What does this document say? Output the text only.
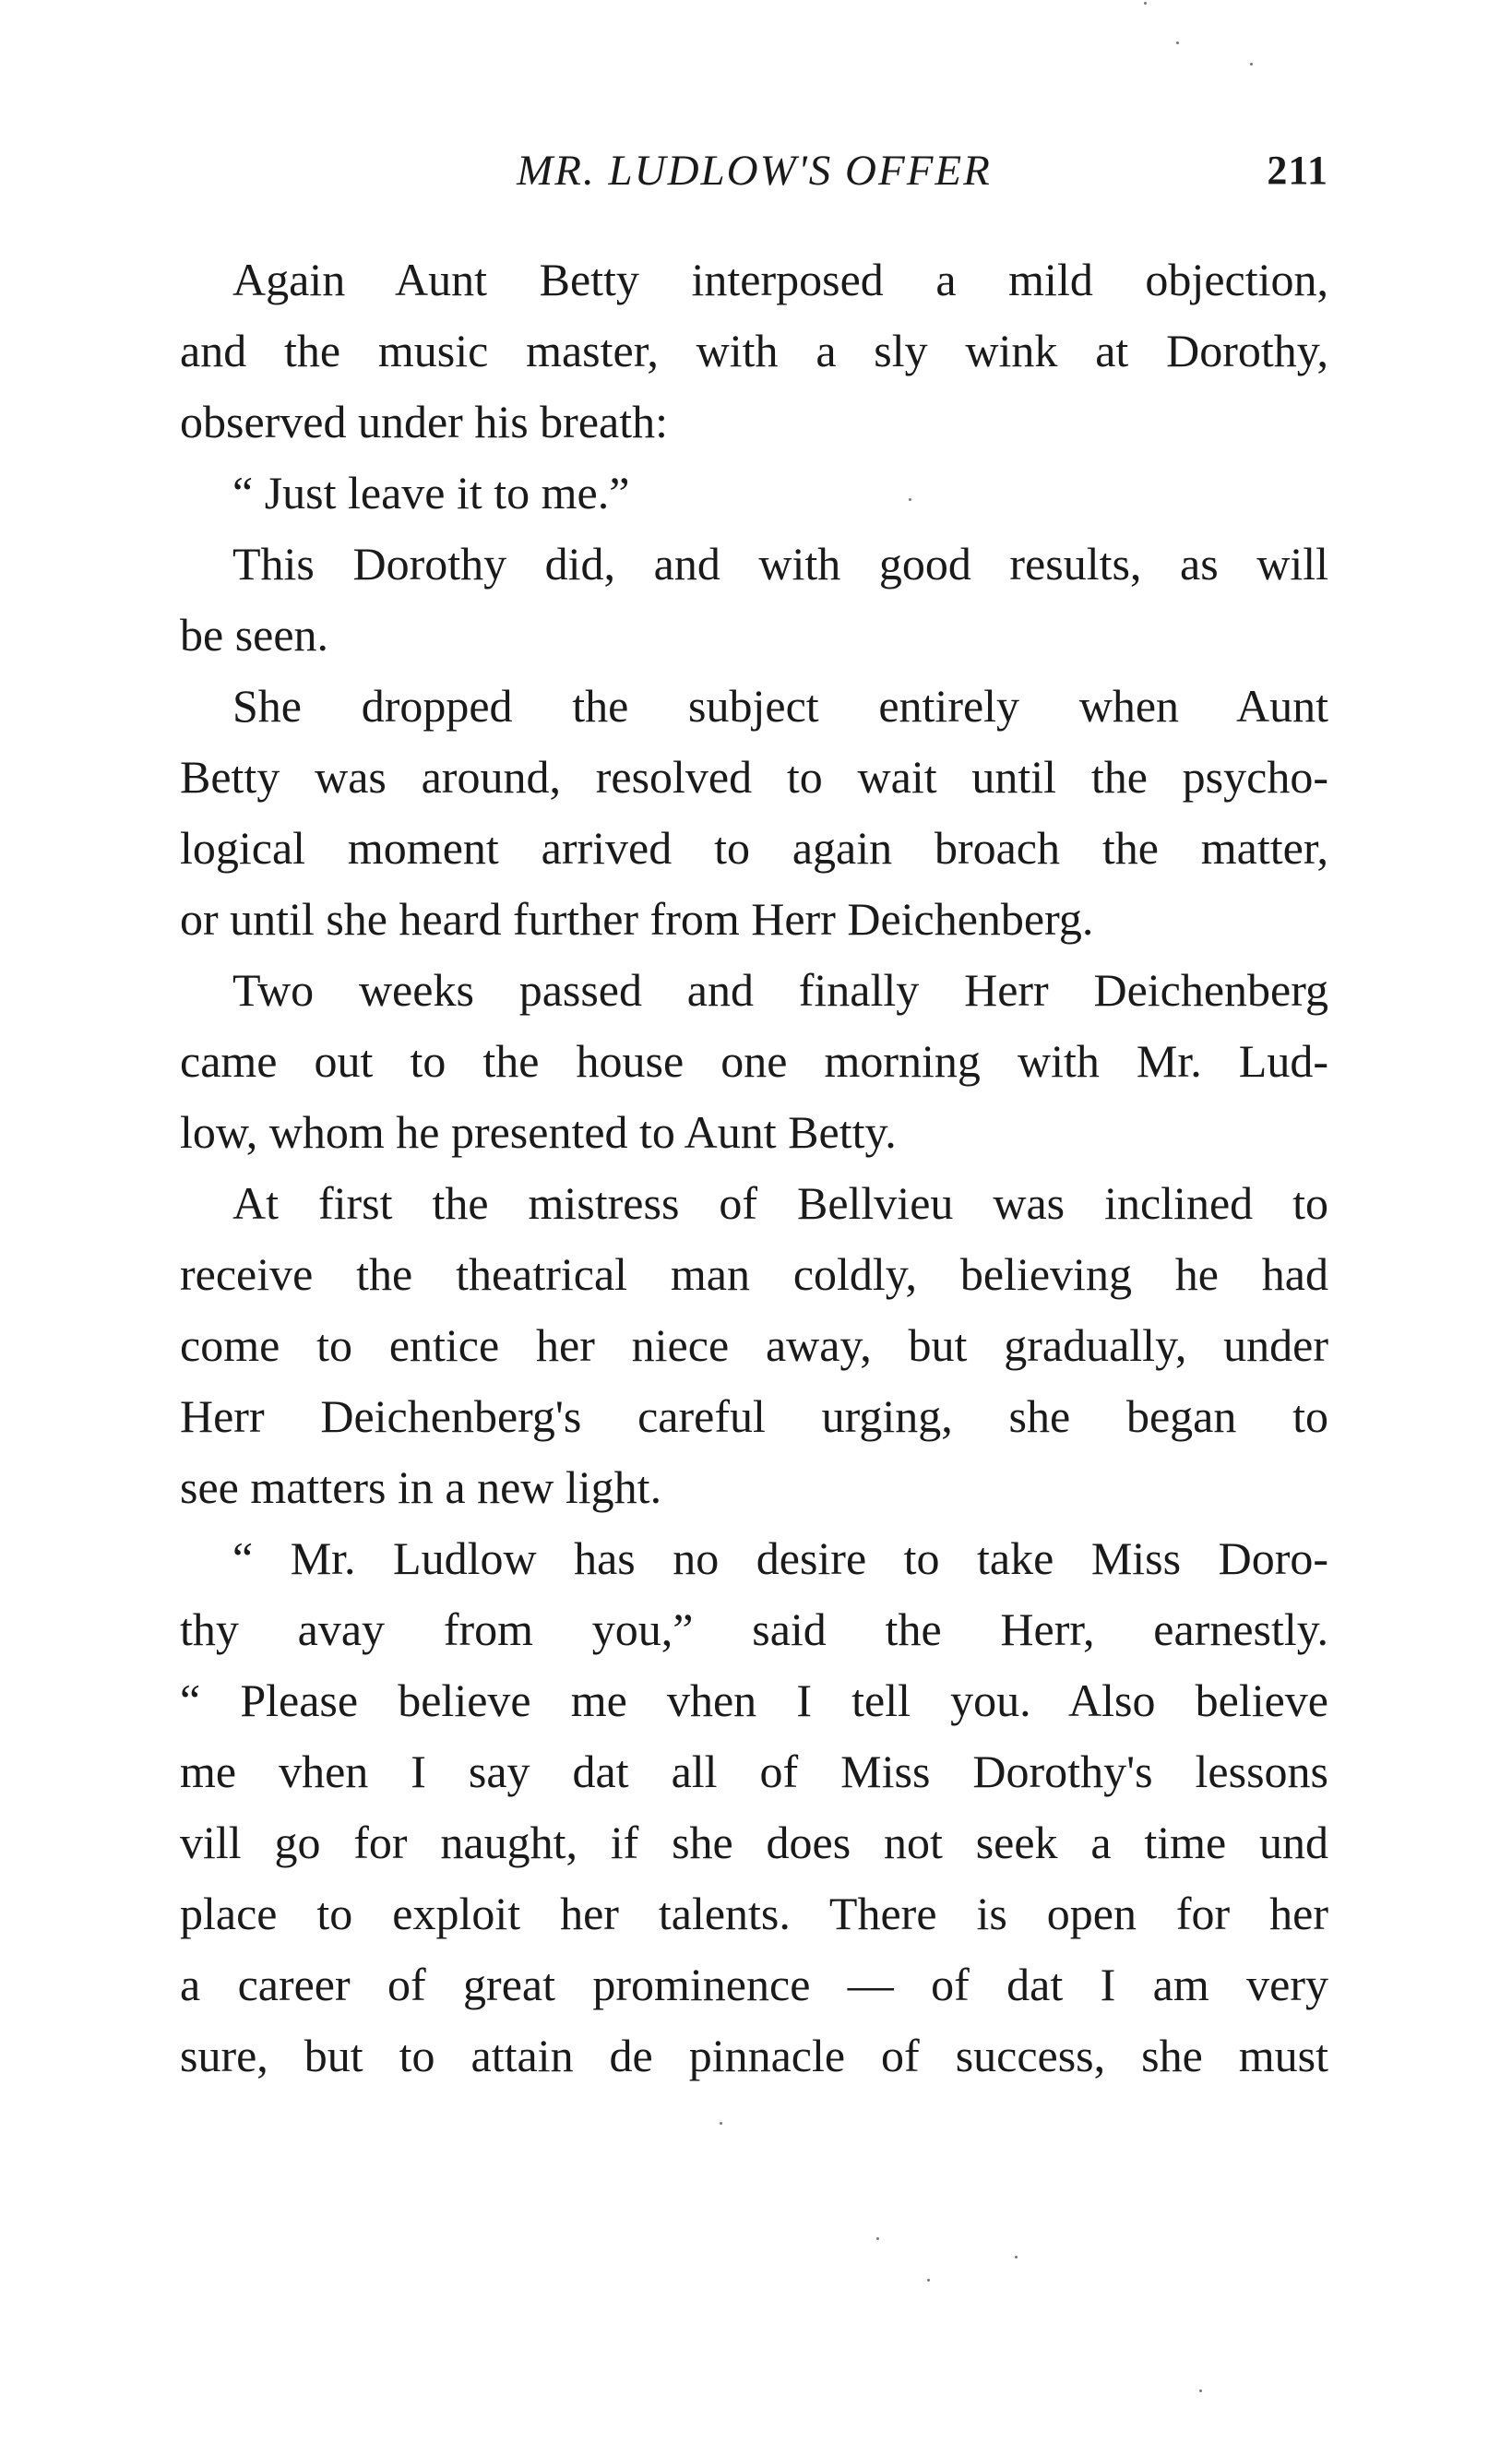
MR. LUDLOW'S OFFER	211
Again Aunt Betty interposed a mild objection,
and the music master, with a sly wink at Dorothy,
observed under his breath:
“ Just leave it to me.”
This Dorothy did, and with good results, as will
be seen.
She dropped the subject entirely when Aunt
Betty was around, resolved to wait until the psycho-
logical moment arrived to again broach the matter,
or until she heard further from Herr Deichenberg.
Two weeks passed and finally Herr Deichenberg
came out to the house one morning with Mr. Lud-
low, whom he presented to Aunt Betty.
At first the mistress of Bellvieu was inclined to
receive the theatrical man coldly, believing he had
come to entice her niece away, but gradually, under
Herr Deichenberg's careful urging, she began to
see matters in a new light.
“ Mr. Ludlow has no desire to take Miss Doro-
thy avay from you,” said the Herr, earnestly.
“ Please believe me vhen I tell you. Also believe
me vhen I say dat all of Miss Dorothy's lessons
vill go for naught, if she does not seek a time und
place to exploit her talents. There is open for her
a career of great prominence — of dat I am very
sure, but to attain de pinnacle of success, she must
